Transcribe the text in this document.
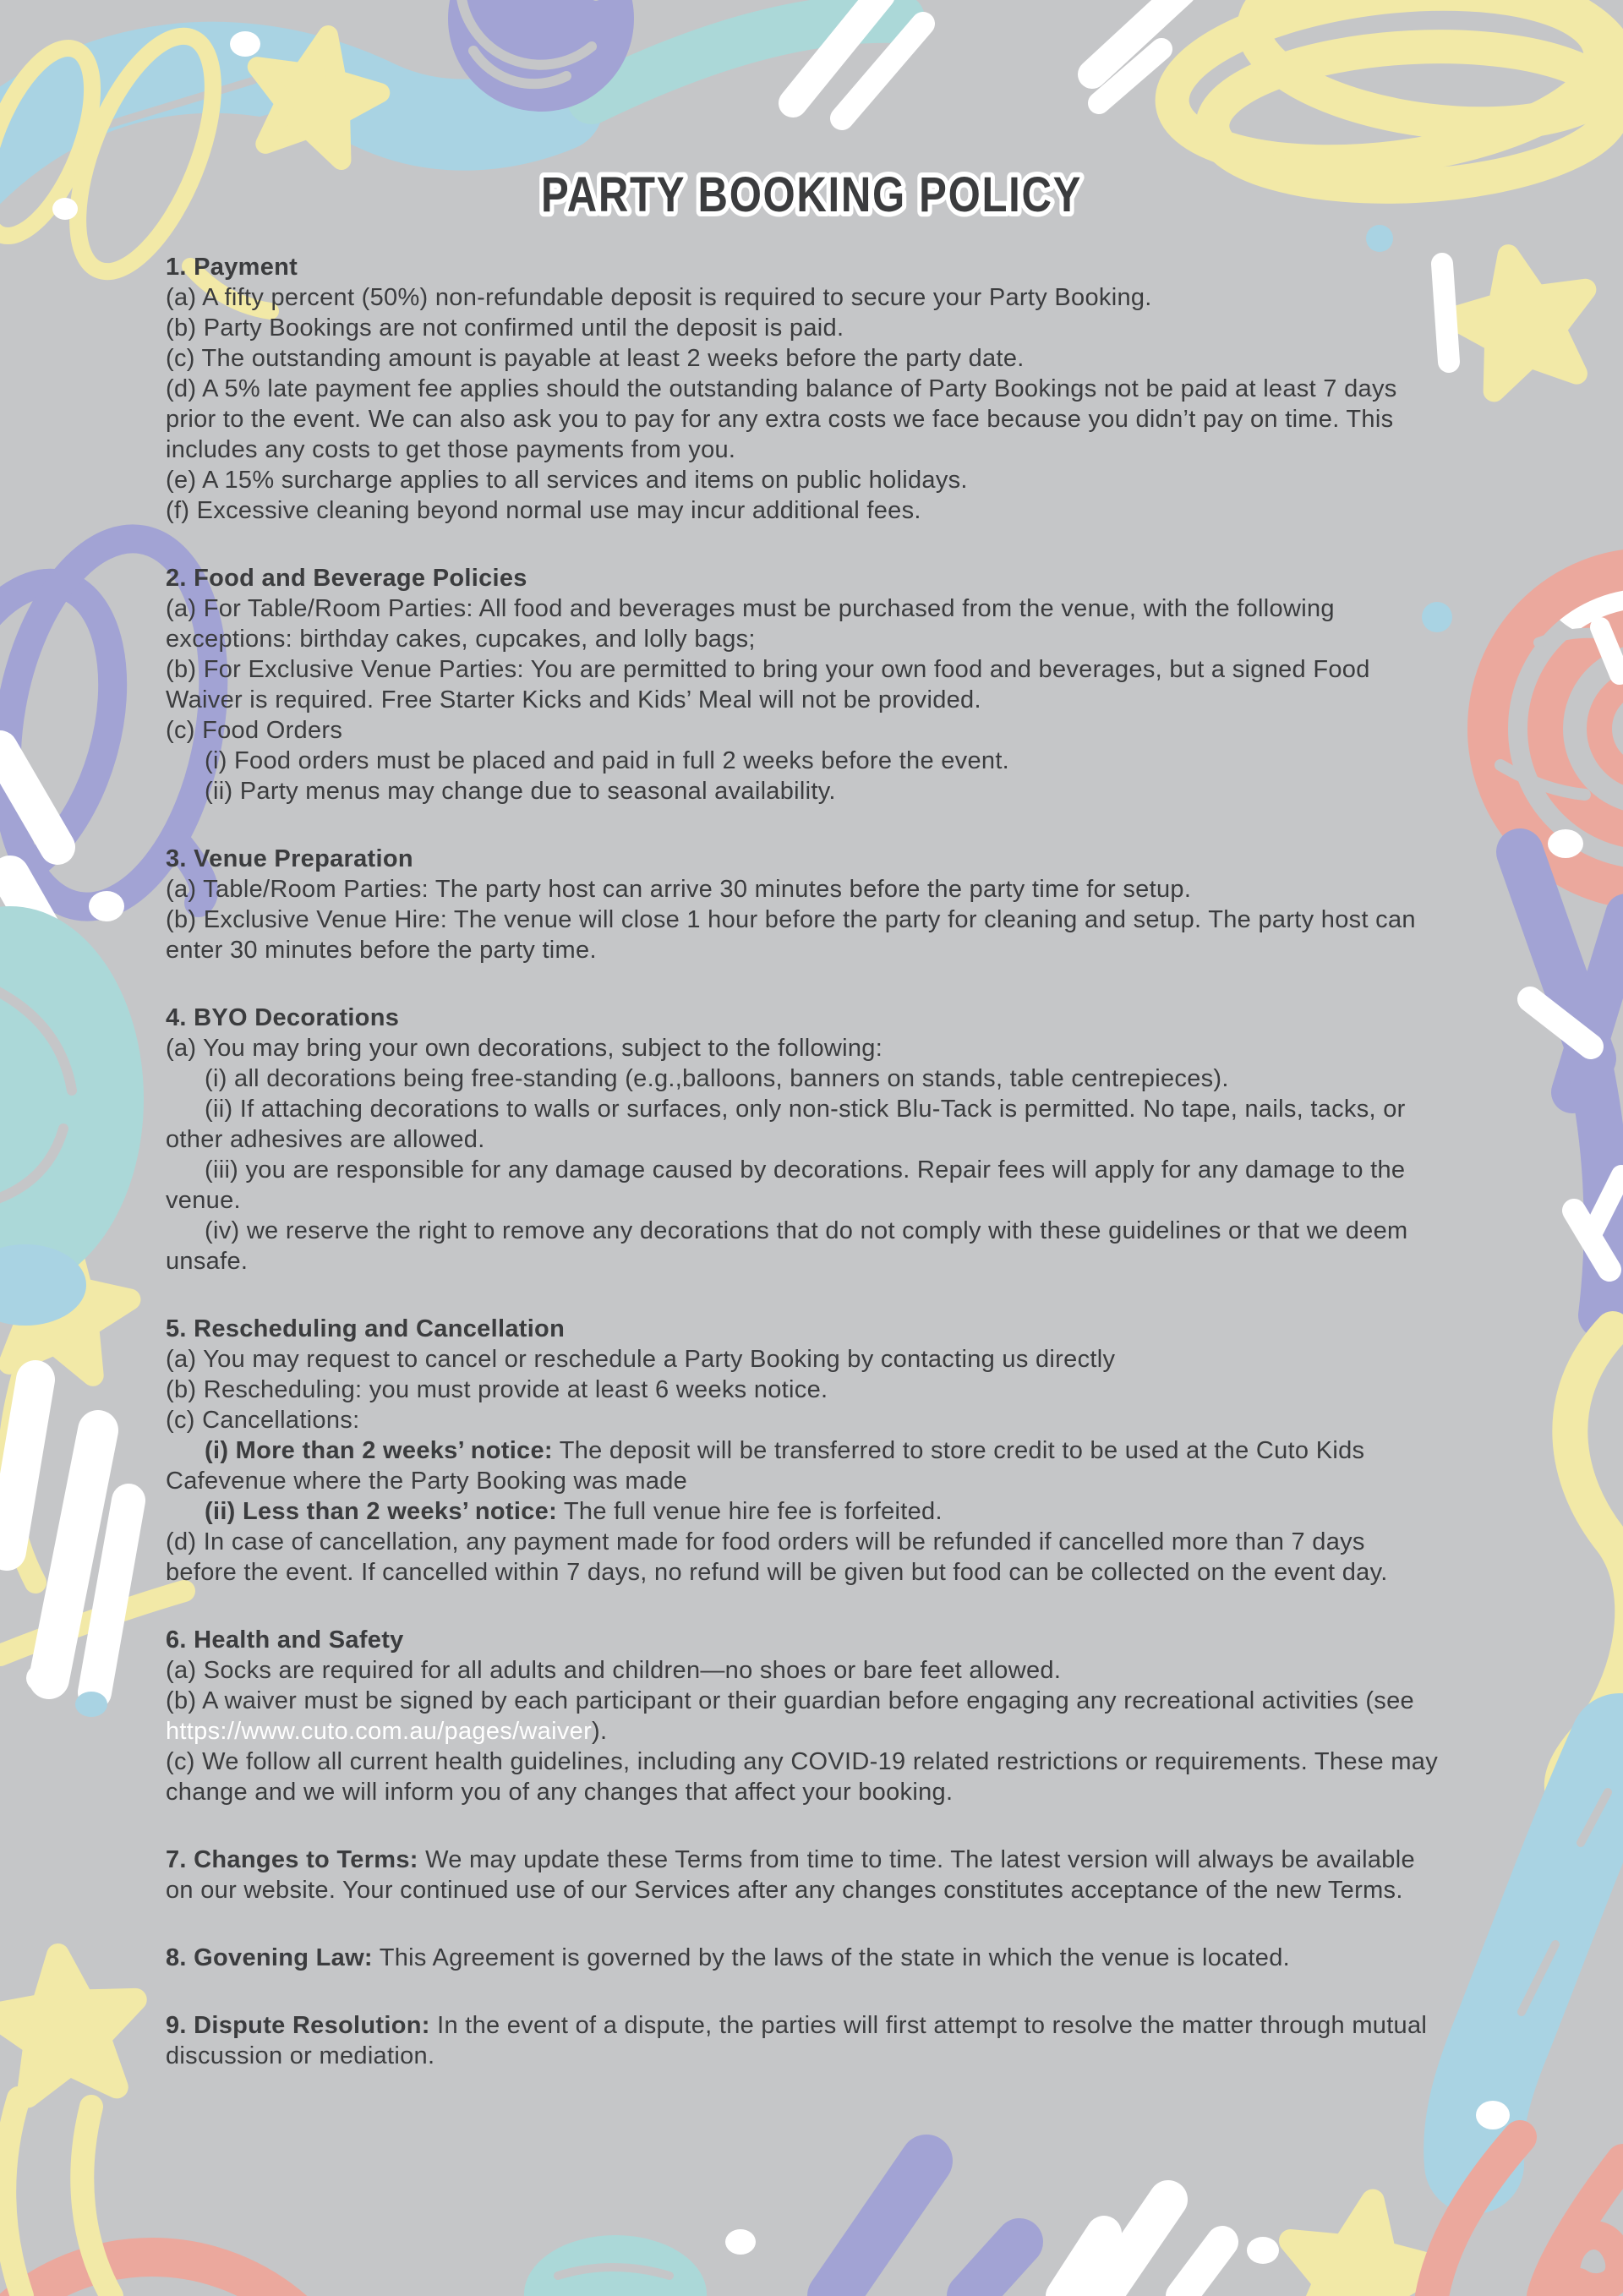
PARTY BOOKING POLICY
1. Payment

(a) A fifty percent (50%) non-refundable deposit is required to secure your Party Booking.

(b) Party Bookings are not confirmed until the deposit is paid.

(c) The outstanding amount is payable at least 2 weeks before the party date.

(d) A 5% late payment fee applies should the outstanding balance of Party Bookings not be paid at least 7 days prior to the event. We can also ask you to pay for any extra costs we face because you didn’t pay on time. This includes any costs to get those payments from you.

(e) A 15% surcharge applies to all services and items on public holidays.

(f) Excessive cleaning beyond normal use may incur additional fees.

2. Food and Beverage Policies

(a) For Table/Room Parties: All food and beverages must be purchased from the venue, with the following exceptions: birthday cakes, cupcakes, and lolly bags;

(b) For Exclusive Venue Parties: You are permitted to bring your own food and beverages, but a signed Food Waiver is required. Free Starter Kicks and Kids’ Meal will not be provided.

(c) Food Orders

(i) Food orders must be placed and paid in full 2 weeks before the event.

(ii) Party menus may change due to seasonal availability.

3. Venue Preparation

(a) Table/Room Parties: The party host can arrive 30 minutes before the party time for setup.

(b) Exclusive Venue Hire: The venue will close 1 hour before the party for cleaning and setup. The party host can enter 30 minutes before the party time.

4. BYO Decorations

(a) You may bring your own decorations, subject to the following:

(i) all decorations being free-standing (e.g.,balloons, banners on stands, table centrepieces).

(ii) If attaching decorations to walls or surfaces, only non-stick Blu-Tack is permitted. No tape, nails, tacks, or other adhesives are allowed.

(iii) you are responsible for any damage caused by decorations. Repair fees will apply for any damage to the venue.

(iv) we reserve the right to remove any decorations that do not comply with these guidelines or that we deem unsafe.

5. Rescheduling and Cancellation

(a) You may request to cancel or reschedule a Party Booking by contacting us directly

(b) Rescheduling: you must provide at least 6 weeks notice.

(c) Cancellations:

(i) More than 2 weeks’ notice: The deposit will be transferred to store credit to be used at the Cuto Kids Cafevenue where the Party Booking was made

(ii) Less than 2 weeks’ notice: The full venue hire fee is forfeited.

(d) In case of cancellation, any payment made for food orders will be refunded if cancelled more than 7 days before the event. If cancelled within 7 days, no refund will be given but food can be collected on the event day.

6. Health and Safety

(a) Socks are required for all adults and children—no shoes or bare feet allowed.

(b) A waiver must be signed by each participant or their guardian before engaging any recreational activities (see https://www.cuto.com.au/pages/waiver).

(c) We follow all current health guidelines, including any COVID-19 related restrictions or requirements. These may change and we will inform you of any changes that affect your booking.

7. Changes to Terms: We may update these Terms from time to time. The latest version will always be available on our website. Your continued use of our Services after any changes constitutes acceptance of the new Terms.

8. Govening Law: This Agreement is governed by the laws of the state in which the venue is located.

9. Dispute Resolution: In the event of a dispute, the parties will first attempt to resolve the matter through mutual discussion or mediation.
